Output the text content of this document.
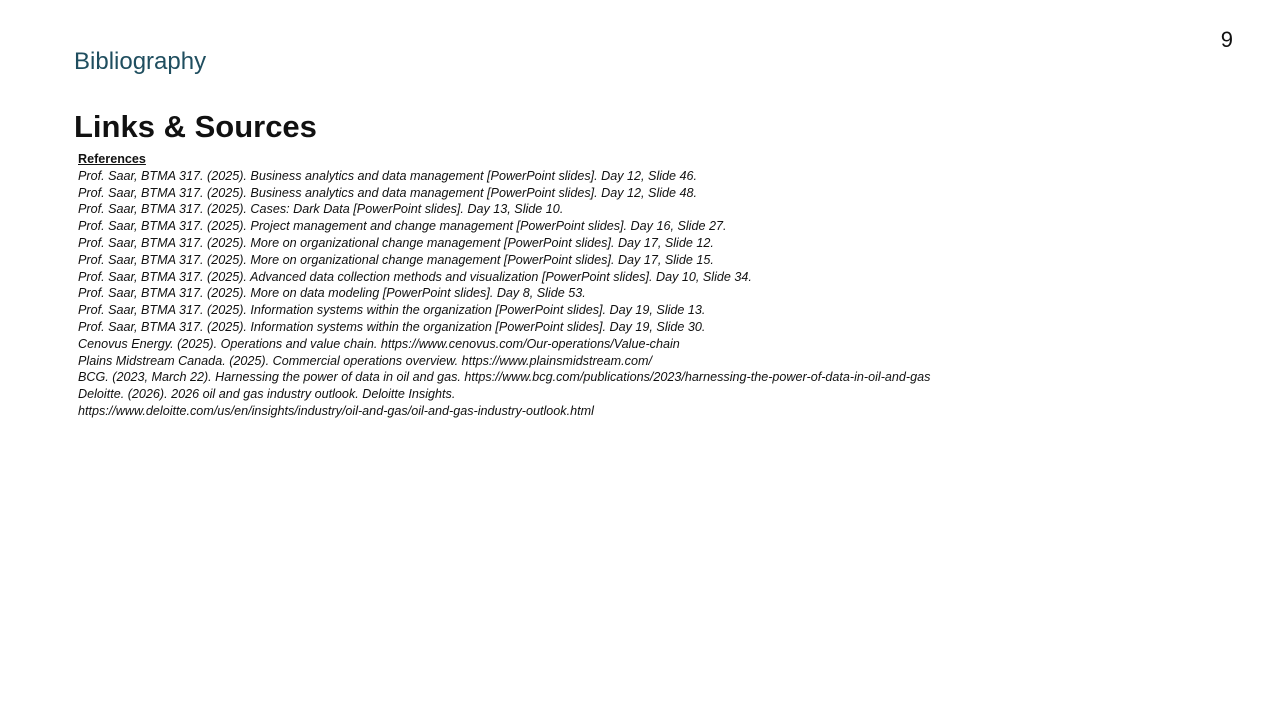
9
Bibliography
Links & Sources
References
Prof. Saar, BTMA 317. (2025). Business analytics and data management [PowerPoint slides]. Day 12, Slide 46.
Prof. Saar, BTMA 317. (2025). Business analytics and data management [PowerPoint slides]. Day 12, Slide 48.
Prof. Saar, BTMA 317. (2025). Cases: Dark Data [PowerPoint slides]. Day 13, Slide 10.
Prof. Saar, BTMA 317. (2025). Project management and change management [PowerPoint slides]. Day 16, Slide 27.
Prof. Saar, BTMA 317. (2025). More on organizational change management [PowerPoint slides]. Day 17, Slide 12.
Prof. Saar, BTMA 317. (2025). More on organizational change management [PowerPoint slides]. Day 17, Slide 15.
Prof. Saar, BTMA 317. (2025). Advanced data collection methods and visualization [PowerPoint slides]. Day 10, Slide 34.
Prof. Saar, BTMA 317. (2025). More on data modeling [PowerPoint slides]. Day 8, Slide 53.
Prof. Saar, BTMA 317. (2025). Information systems within the organization [PowerPoint slides]. Day 19, Slide 13.
Prof. Saar, BTMA 317. (2025). Information systems within the organization [PowerPoint slides]. Day 19, Slide 30.
Cenovus Energy. (2025). Operations and value chain. https://www.cenovus.com/Our-operations/Value-chain
Plains Midstream Canada. (2025). Commercial operations overview. https://www.plainsmidstream.com/
BCG. (2023, March 22). Harnessing the power of data in oil and gas. https://www.bcg.com/publications/2023/harnessing-the-power-of-data-in-oil-and-gas
Deloitte. (2026). 2026 oil and gas industry outlook. Deloitte Insights.
https://www.deloitte.com/us/en/insights/industry/oil-and-gas/oil-and-gas-industry-outlook.html
